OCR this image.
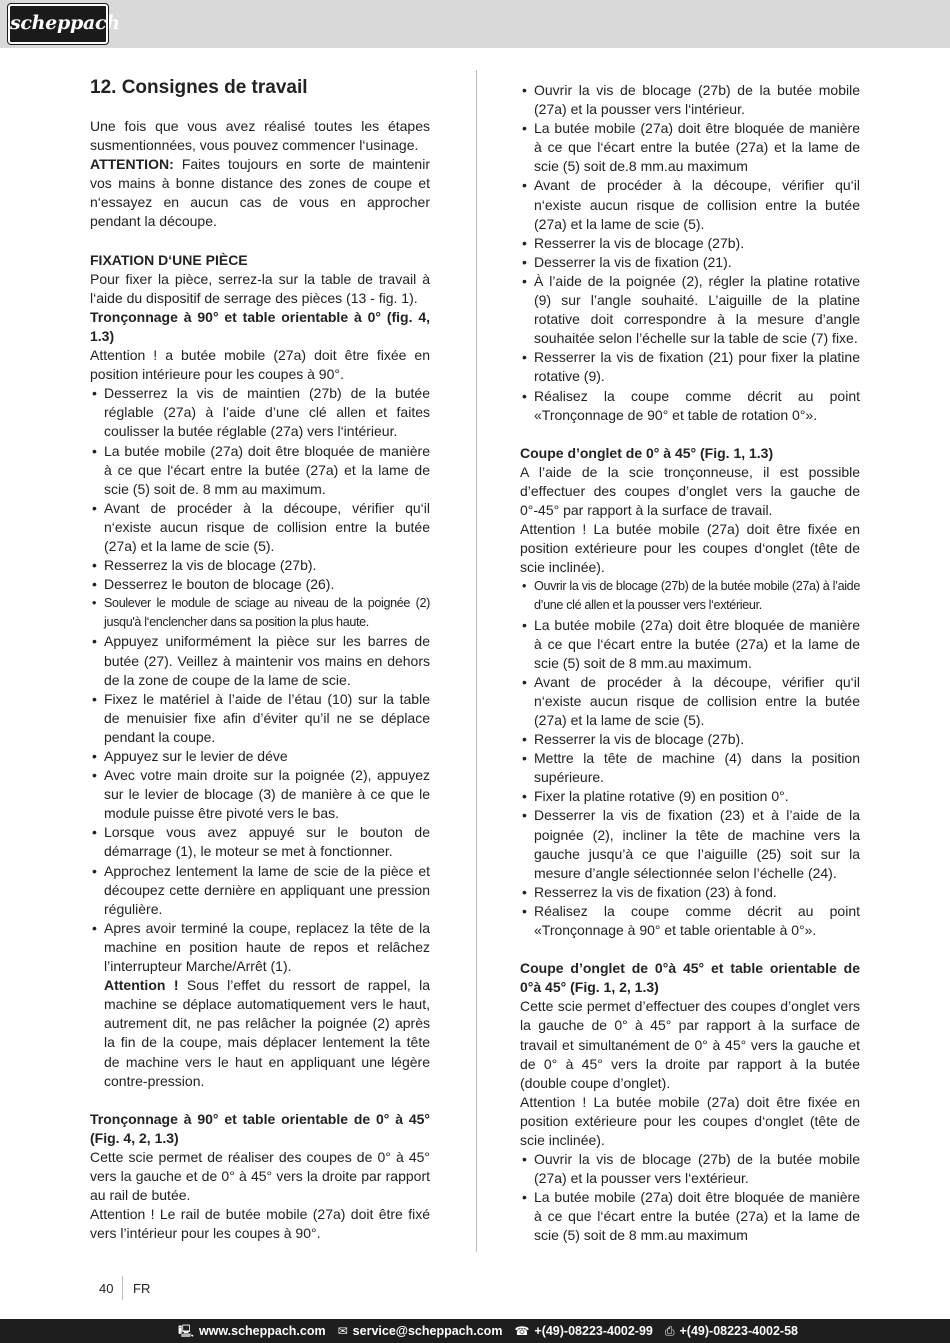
scheppach
12. Consignes de travail

Une fois que vous avez réalisé toutes les étapes susmentionnées, vous pouvez commencer l‘usinage.
ATTENTION: Faites toujours en sorte de maintenir vos mains à bonne distance des zones de coupe et n‘essayez en aucun cas de vous en approcher pendant la découpe.

FIXATION D‘UNE PIÈCE

Pour fixer la pièce, serrez-la sur la table de travail à l‘aide du dispositif de serrage des pièces (13 - fig. 1).

Tronçonnage à 90° et table orientable à 0° (fig. 4, 1.3)

Attention ! a butée mobile (27a) doit être fixée en position intérieure pour les coupes à 90°.

• Desserrez la vis de maintien (27b) de la butée réglable (27a) à l’aide d’une clé allen et faites coulisser la butée réglable (27a) vers l‘intérieur.
• La butée mobile (27a) doit être bloquée de manière à ce que l‘écart entre la butée (27a) et la lame de scie (5) soit de. 8 mm au maximum.
• Avant de procéder à la découpe, vérifier qu‘il n‘existe aucun risque de collision entre la butée (27a) et la lame de scie (5).
• Resserrez la vis de blocage (27b).
• Desserrez le bouton de blocage (26).
• Soulever le module de sciage au niveau de la poignée (2) jusqu'à l‘enclencher dans sa position la plus haute.
• Appuyez uniformément la pièce sur les barres de butée (27). Veillez à maintenir vos mains en dehors de la zone de coupe de la lame de scie.
• Fixez le matériel à l’aide de l’étau (10) sur la table de menuisier fixe afin d’éviter qu’il ne se déplace pendant la coupe.
• Appuyez sur le levier de déve
• Avec votre main droite sur la poignée (2), appuyez sur le levier de blocage (3) de manière à ce que le module puisse être pivoté vers le bas.
• Lorsque vous avez appuyé sur le bouton de démarrage (1), le moteur se met à fonctionner.
• Approchez lentement la lame de scie de la pièce et découpez cette dernière en appliquant une pression régulière.
• Apres avoir terminé la coupe, replacez la tête de la machine en position haute de repos et relâchez l’interrupteur Marche/Arrêt (1).
Attention ! Sous l’effet du ressort de rappel, la machine se déplace automatiquement vers le haut, autrement dit, ne pas relâcher la poignée (2) après la fin de la coupe, mais déplacer lentement la tête de machine vers le haut en appliquant une légère contre-pression.

Tronçonnage à 90° et table orientable de 0° à 45° (Fig. 4, 2, 1.3)

Cette scie permet de réaliser des coupes de 0° à 45° vers la gauche et de 0° à 45° vers la droite par rapport au rail de butée.

Attention ! Le rail de butée mobile (27a) doit être fixé vers l’intérieur pour les coupes à 90°.

• Ouvrir la vis de blocage (27b) de la butée mobile (27a) et la pousser vers l‘intérieur.
• La butée mobile (27a) doit être bloquée de manière à ce que l‘écart entre la butée (27a) et la lame de scie (5) soit de.8 mm.au maximum
• Avant de procéder à la découpe, vérifier qu‘il n‘existe aucun risque de collision entre la butée (27a) et la lame de scie (5).
• Resserrer la vis de blocage (27b).
• Desserrer la vis de fixation (21).
• À l’aide de la poignée (2), régler la platine rotative (9) sur l’angle souhaité. L’aiguille de la platine rotative doit correspondre à la mesure d’angle souhaitée selon l’échelle sur la table de scie (7) fixe.
• Resserrer la vis de fixation (21) pour fixer la platine rotative (9).
• Réalisez la coupe comme décrit au point «Tronçonnage de 90° et table de rotation 0°».

Coupe d’onglet de 0° à 45° (Fig. 1, 1.3)

A l’aide de la scie tronçonneuse, il est possible d’effectuer des coupes d’onglet vers la gauche de 0°-45° par rapport à la surface de travail.

Attention ! La butée mobile (27a) doit être fixée en position extérieure pour les coupes d‘onglet (tête de scie inclinée).

• Ouvrir la vis de blocage (27b) de la butée mobile (27a) à l’aide d’une clé allen et la pousser vers l‘extérieur.
• La butée mobile (27a) doit être bloquée de manière à ce que l‘écart entre la butée (27a) et la lame de scie (5) soit de 8 mm.au maximum.
• Avant de procéder à la découpe, vérifier qu‘il n‘existe aucun risque de collision entre la butée (27a) et la lame de scie (5).
• Resserrer la vis de blocage (27b).
• Mettre la tête de machine (4) dans la position supérieure.
• Fixer la platine rotative (9) en position 0°.
• Desserrer la vis de fixation (23) et à l’aide de la poignée (2), incliner la tête de machine vers la gauche jusqu’à ce que l’aiguille (25) soit sur la mesure d’angle sélectionnée selon l’échelle (24).
• Resserrez la vis de fixation (23) à fond.
• Réalisez la coupe comme décrit au point «Tronçonnage à 90° et table orientable à 0°».

Coupe d’onglet de 0°à 45° et table orientable de 0°à 45° (Fig. 1, 2, 1.3)

Cette scie permet d’effectuer des coupes d’onglet vers la gauche de 0° à 45° par rapport à la surface de travail et simultanément de 0° à 45° vers la gauche et de 0° à 45° vers la droite par rapport à la butée (double coupe d’onglet).

Attention ! La butée mobile (27a) doit être fixée en position extérieure pour les coupes d‘onglet (tête de scie inclinée).

• Ouvrir la vis de blocage (27b) de la butée mobile (27a) et la pousser vers l‘extérieur.
• La butée mobile (27a) doit être bloquée de manière à ce que l‘écart entre la butée (27a) et la lame de scie (5) soit de 8 mm.au maximum
40 FR
🖳 www.scheppach.com ✉ service@scheppach.com ☎ +(49)-08223-4002-99 ⎙ +(49)-08223-4002-58
